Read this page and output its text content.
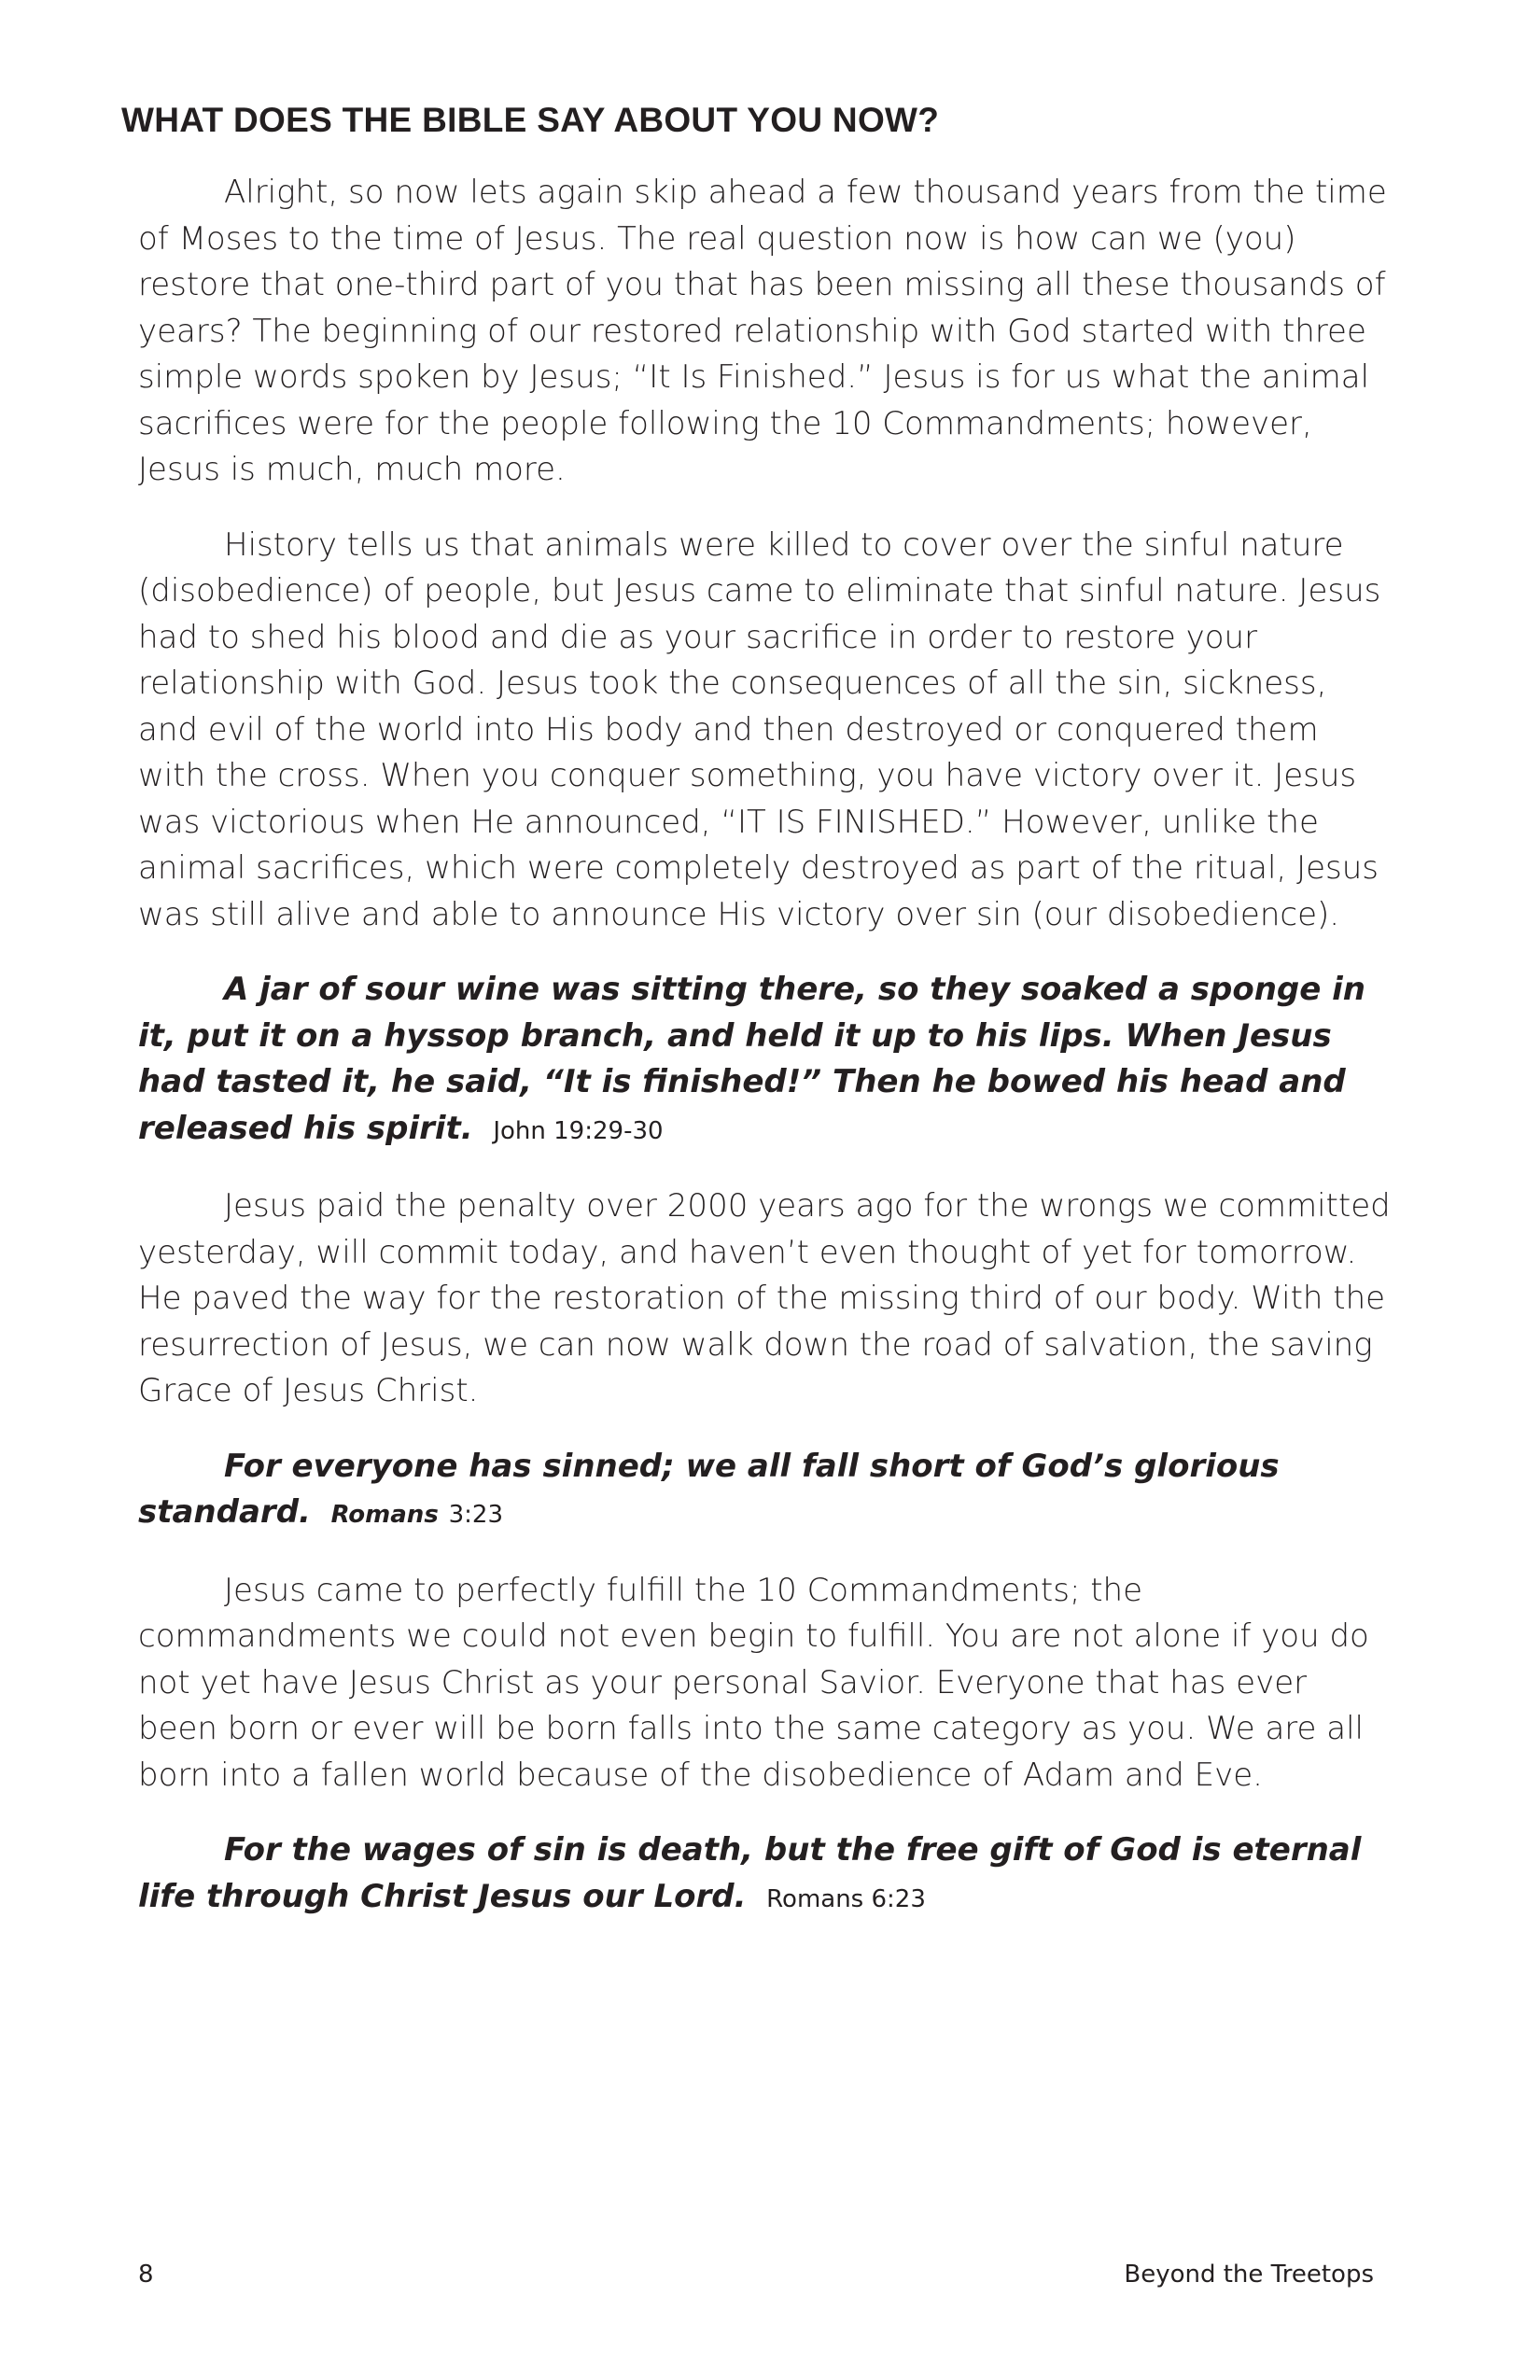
WHAT DOES THE BIBLE SAY ABOUT YOU NOW?

Alright, so now lets again skip ahead a few thousand years from the time of Moses to the time of Jesus. The real question now is how can we (you) restore that one-third part of you that has been missing all these thousands of years? The beginning of our restored relationship with God started with three simple words spoken by Jesus; “It Is Finished.” Jesus is for us what the animal sacrifices were for the people following the 10 Commandments; however, Jesus is much, much more.

History tells us that animals were killed to cover over the sinful nature (disobedience) of people, but Jesus came to eliminate that sinful nature. Jesus had to shed his blood and die as your sacrifice in order to restore your relationship with God. Jesus took the consequences of all the sin, sickness, and evil of the world into His body and then destroyed or conquered them with the cross. When you conquer something, you have victory over it. Jesus was victorious when He announced, “IT IS FINISHED.” However, unlike the animal sacrifices, which were completely destroyed as part of the ritual, Jesus was still alive and able to announce His victory over sin (our disobedience).

A jar of sour wine was sitting there, so they soaked a sponge in it, put it on a hyssop branch, and held it up to his lips. When Jesus had tasted it, he said, “It is finished!” Then he bowed his head and released his spirit. John 19:29-30

Jesus paid the penalty over 2000 years ago for the wrongs we committed yesterday, will commit today, and haven’t even thought of yet for tomorrow. He paved the way for the restoration of the missing third of our body. With the resurrection of Jesus, we can now walk down the road of salvation, the saving Grace of Jesus Christ.

For everyone has sinned; we all fall short of God’s glorious standard. Romans 3:23

Jesus came to perfectly fulfill the 10 Commandments; the commandments we could not even begin to fulfill. You are not alone if you do not yet have Jesus Christ as your personal Savior. Everyone that has ever been born or ever will be born falls into the same category as you. We are all born into a fallen world because of the disobedience of Adam and Eve.

For the wages of sin is death, but the free gift of God is eternal life through Christ Jesus our Lord. Romans 6:23

8	Beyond the Treetops
